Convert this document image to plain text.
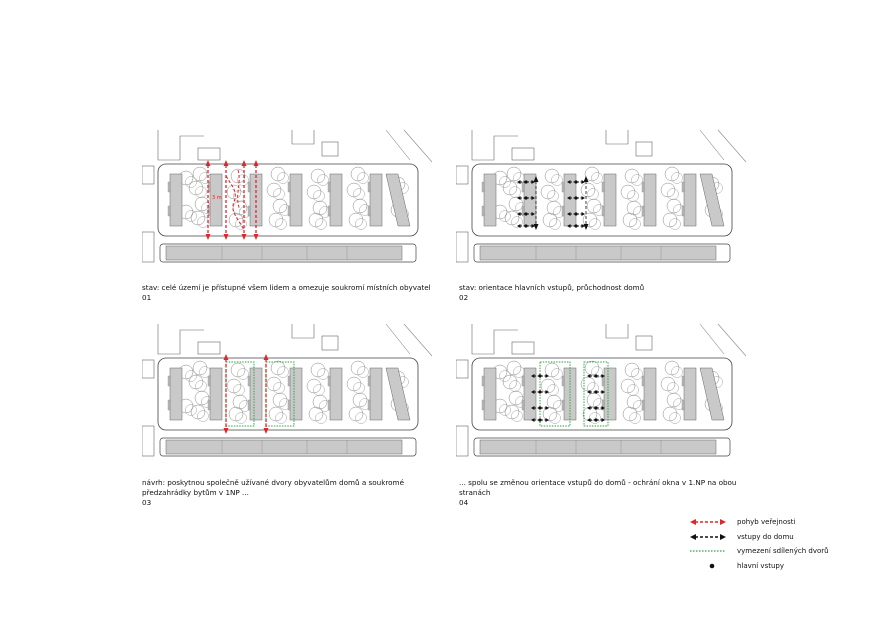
3 m
stav: celé území je přístupné všem lidem a omezuje soukromí místních obyvatel
01
stav: orientace hlavních vstupů, průchodnost domů
02
návrh: poskytnou společně užívané dvory obyvatelům domů a soukromé
předzahrádky bytům v 1NP ...
03
... spolu se změnou orientace vstupů do domů - ochrání okna v 1.NP na obou
stranách
04
pohyb veřejnosti
vstupy do domu
vymezení sdílených dvorů
hlavní vstupy
